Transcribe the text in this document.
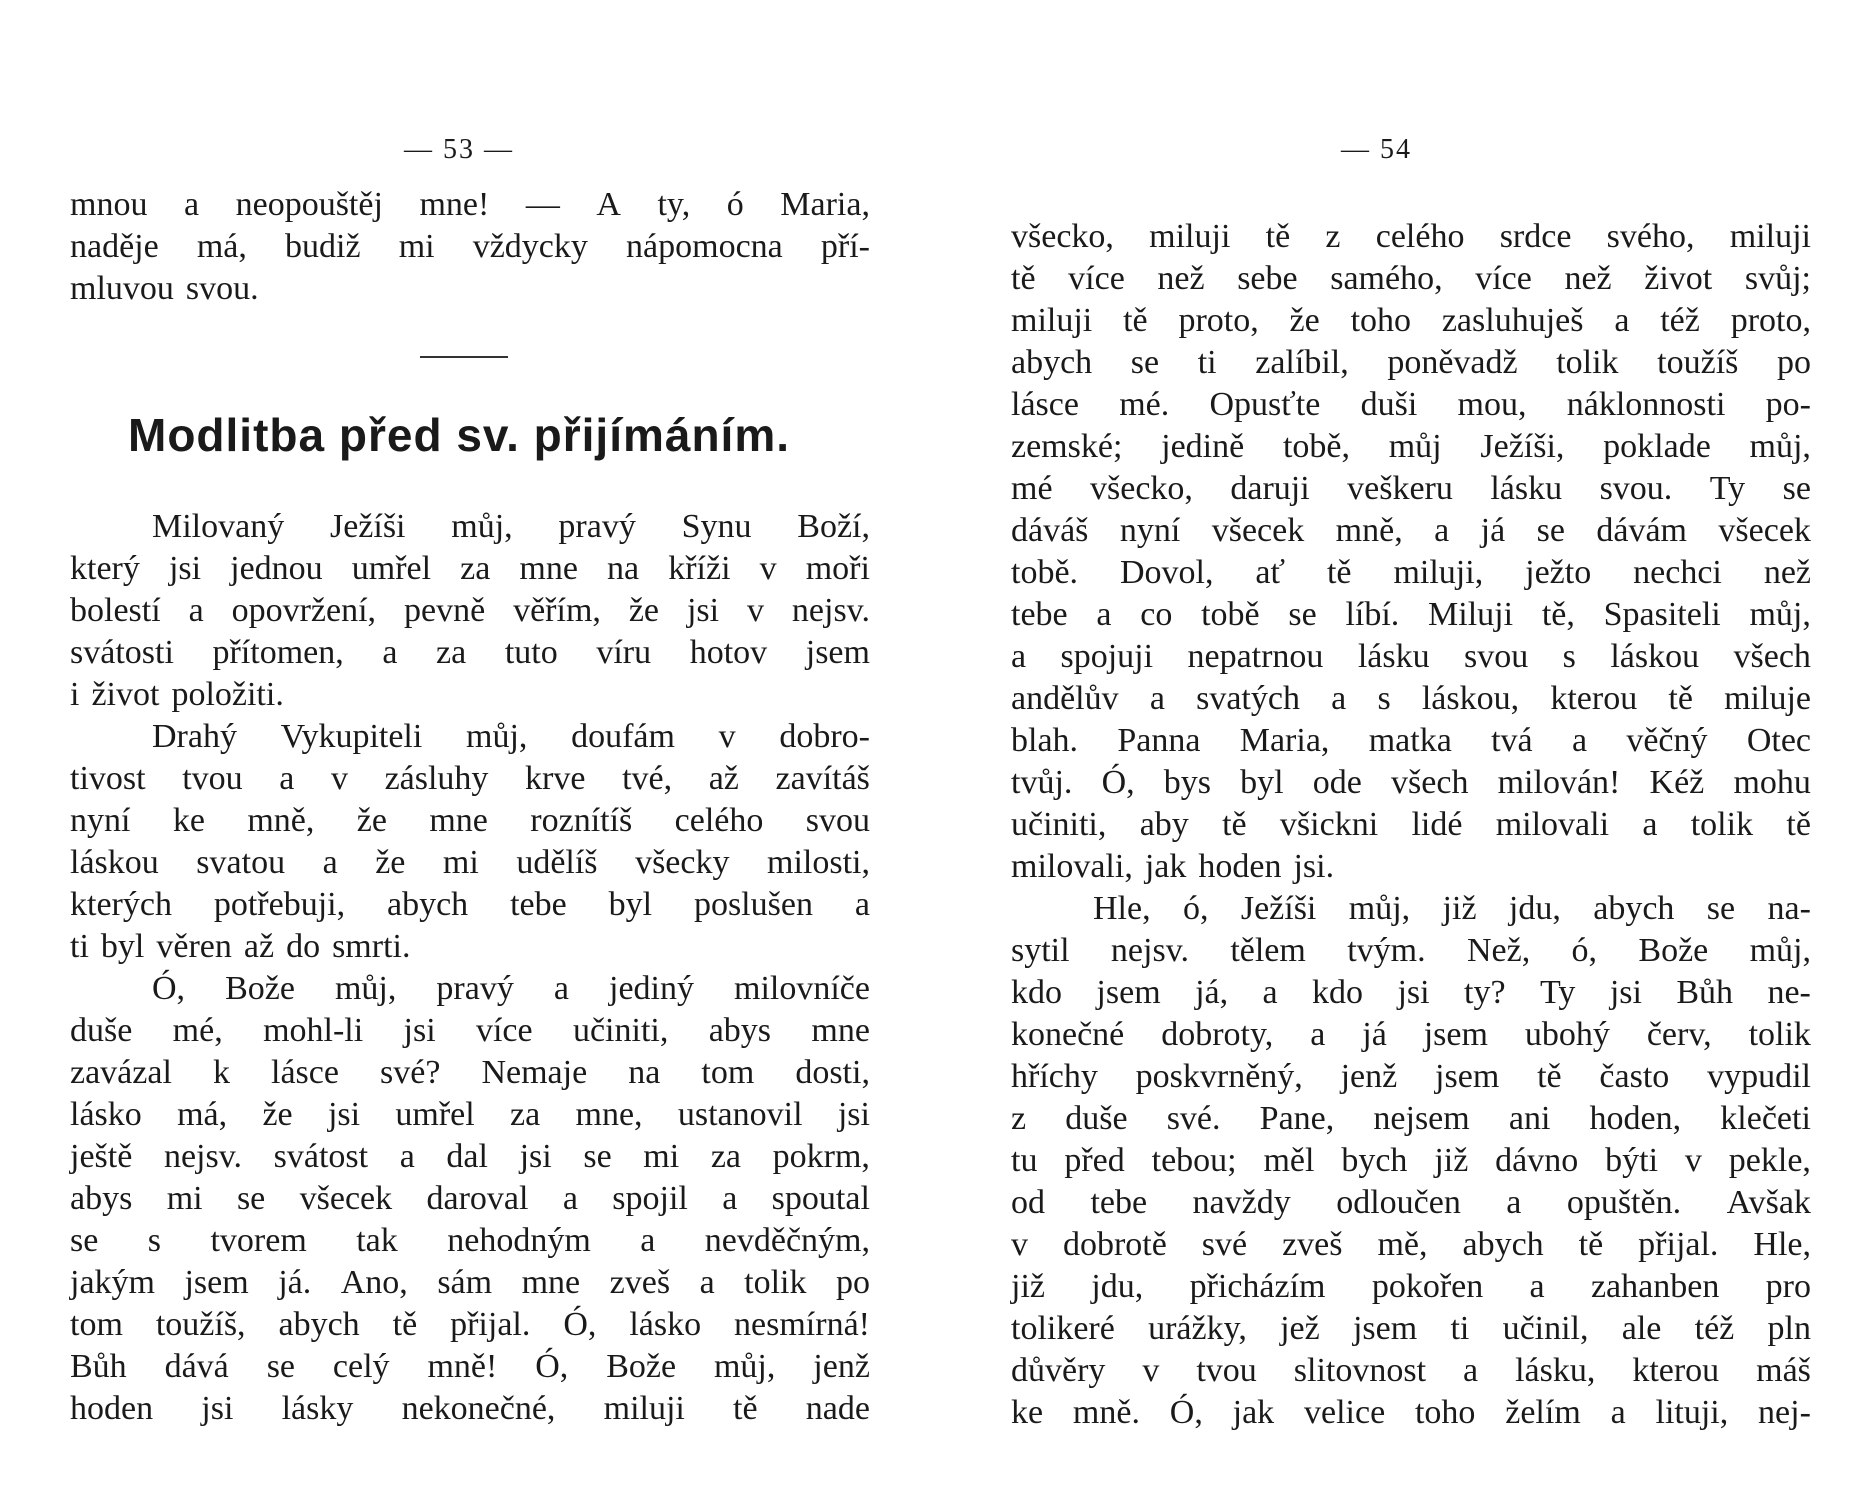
— 53 —
mnou a neopouštěj mne! — A ty, ó Maria,
naděje má, budiž mi vždycky nápomocna pří-
mluvou svou.
Modlitba před sv. přijímáním.
Milovaný Ježíši můj, pravý Synu Boží,
který jsi jednou umřel za mne na kříži v moři
bolestí a opovržení, pevně věřím, že jsi v nejsv.
svátosti přítomen, a za tuto víru hotov jsem
i život položiti.
Drahý Vykupiteli můj, doufám v dobro-
tivost tvou a v zásluhy krve tvé, až zavítáš
nyní ke mně, že mne roznítíš celého svou
láskou svatou a že mi udělíš všecky milosti,
kterých potřebuji, abych tebe byl poslušen a
ti byl věren až do smrti.
Ó, Bože můj, pravý a jediný milovníče
duše mé, mohl-li jsi více učiniti, abys mne
zavázal k lásce své? Nemaje na tom dosti,
lásko má, že jsi umřel za mne, ustanovil jsi
ještě nejsv. svátost a dal jsi se mi za pokrm,
abys mi se všecek daroval a spojil a spoutal
se s tvorem tak nehodným a nevděčným,
jakým jsem já. Ano, sám mne zveš a tolik po
tom toužíš, abych tě přijal. Ó, lásko nesmírná!
Bůh dává se celý mně! Ó, Bože můj, jenž
hoden jsi lásky nekonečné, miluji tě nade
— 54
všecko, miluji tě z celého srdce svého, miluji
tě více než sebe samého, více než život svůj;
miluji tě proto, že toho zasluhuješ a též proto,
abych se ti zalíbil, poněvadž tolik toužíš po
lásce mé. Opusťte duši mou, náklonnosti po-
zemské; jedině tobě, můj Ježíši, poklade můj,
mé všecko, daruji veškeru lásku svou. Ty se
dáváš nyní všecek mně, a já se dávám všecek
tobě. Dovol, ať tě miluji, ježto nechci než
tebe a co tobě se líbí. Miluji tě, Spasiteli můj,
a spojuji nepatrnou lásku svou s láskou všech
andělův a svatých a s láskou, kterou tě miluje
blah. Panna Maria, matka tvá a věčný Otec
tvůj. Ó, bys byl ode všech milován! Kéž mohu
učiniti, aby tě všickni lidé milovali a tolik tě
milovali, jak hoden jsi.
Hle, ó, Ježíši můj, již jdu, abych se na-
sytil nejsv. tělem tvým. Než, ó, Bože můj,
kdo jsem já, a kdo jsi ty? Ty jsi Bůh ne-
konečné dobroty, a já jsem ubohý červ, tolik
hříchy poskvrněný, jenž jsem tě často vypudil
z duše své. Pane, nejsem ani hoden, klečeti
tu před tebou; měl bych již dávno býti v pekle,
od tebe navždy odloučen a opuštěn. Avšak
v dobrotě své zveš mě, abych tě přijal. Hle,
již jdu, přicházím pokořen a zahanben pro
tolikeré urážky, jež jsem ti učinil, ale též pln
důvěry v tvou slitovnost a lásku, kterou máš
ke mně. Ó, jak velice toho želím a lituji, nej-
